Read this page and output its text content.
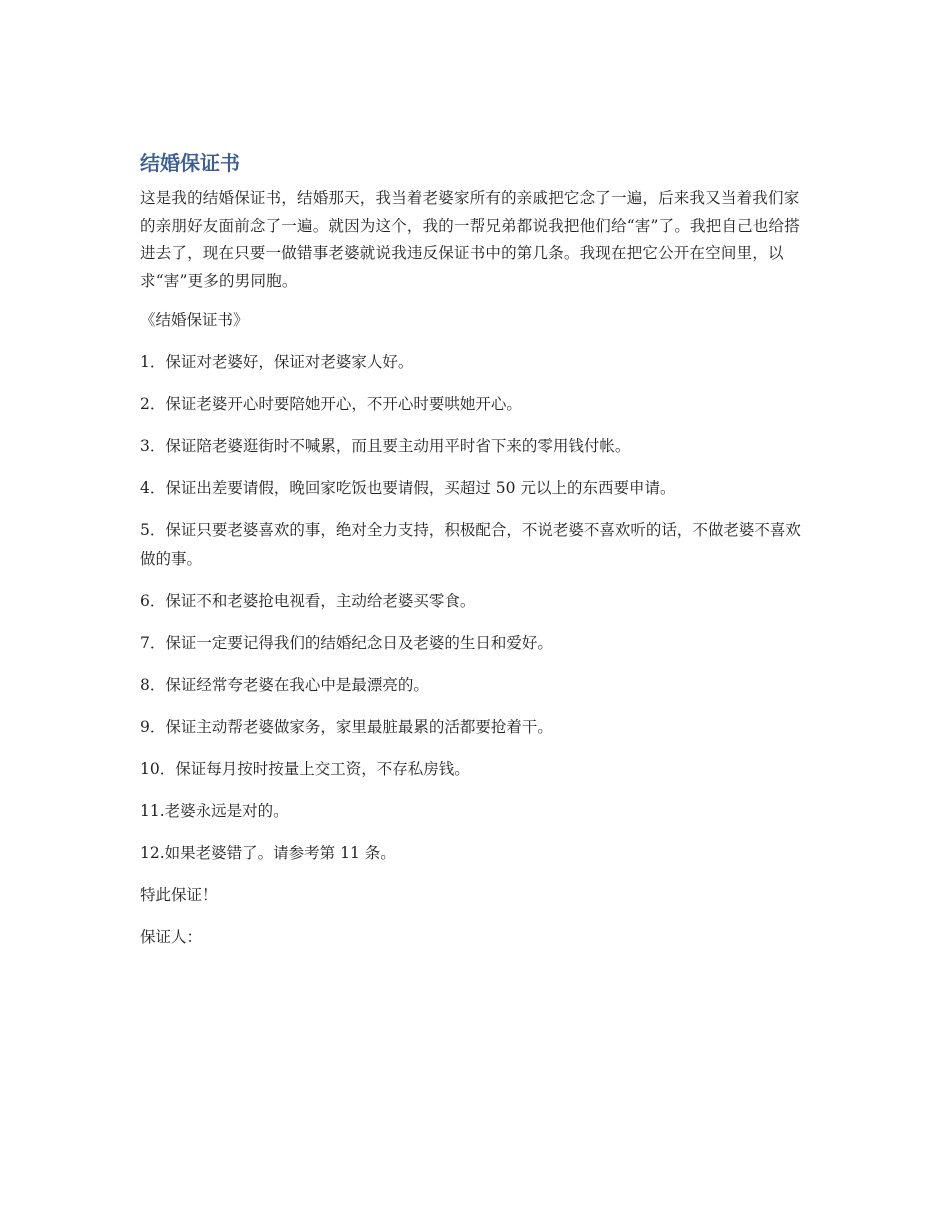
结婚保证书

这是我的结婚保证书，结婚那天，我当着老婆家所有的亲戚把它念了一遍，后来我又当着我们家的亲朋好友面前念了一遍。就因为这个，我的一帮兄弟都说我把他们给“害”了。我把自己也给搭进去了，现在只要一做错事老婆就说我违反保证书中的第几条。我现在把它公开在空间里，以求“害”更多的男同胞。

《结婚保证书》

1．保证对老婆好，保证对老婆家人好。

2．保证老婆开心时要陪她开心，不开心时要哄她开心。

3．保证陪老婆逛街时不喊累，而且要主动用平时省下来的零用钱付帐。

4．保证出差要请假，晚回家吃饭也要请假，买超过 50 元以上的东西要申请。

5．保证只要老婆喜欢的事，绝对全力支持，积极配合，不说老婆不喜欢听的话，不做老婆不喜欢做的事。

6．保证不和老婆抢电视看，主动给老婆买零食。

7．保证一定要记得我们的结婚纪念日及老婆的生日和爱好。

8．保证经常夸老婆在我心中是最漂亮的。

9．保证主动帮老婆做家务，家里最脏最累的活都要抢着干。

10．保证每月按时按量上交工资，不存私房钱。

11.老婆永远是对的。

12.如果老婆错了。请参考第 11 条。

特此保证！

保证人：
